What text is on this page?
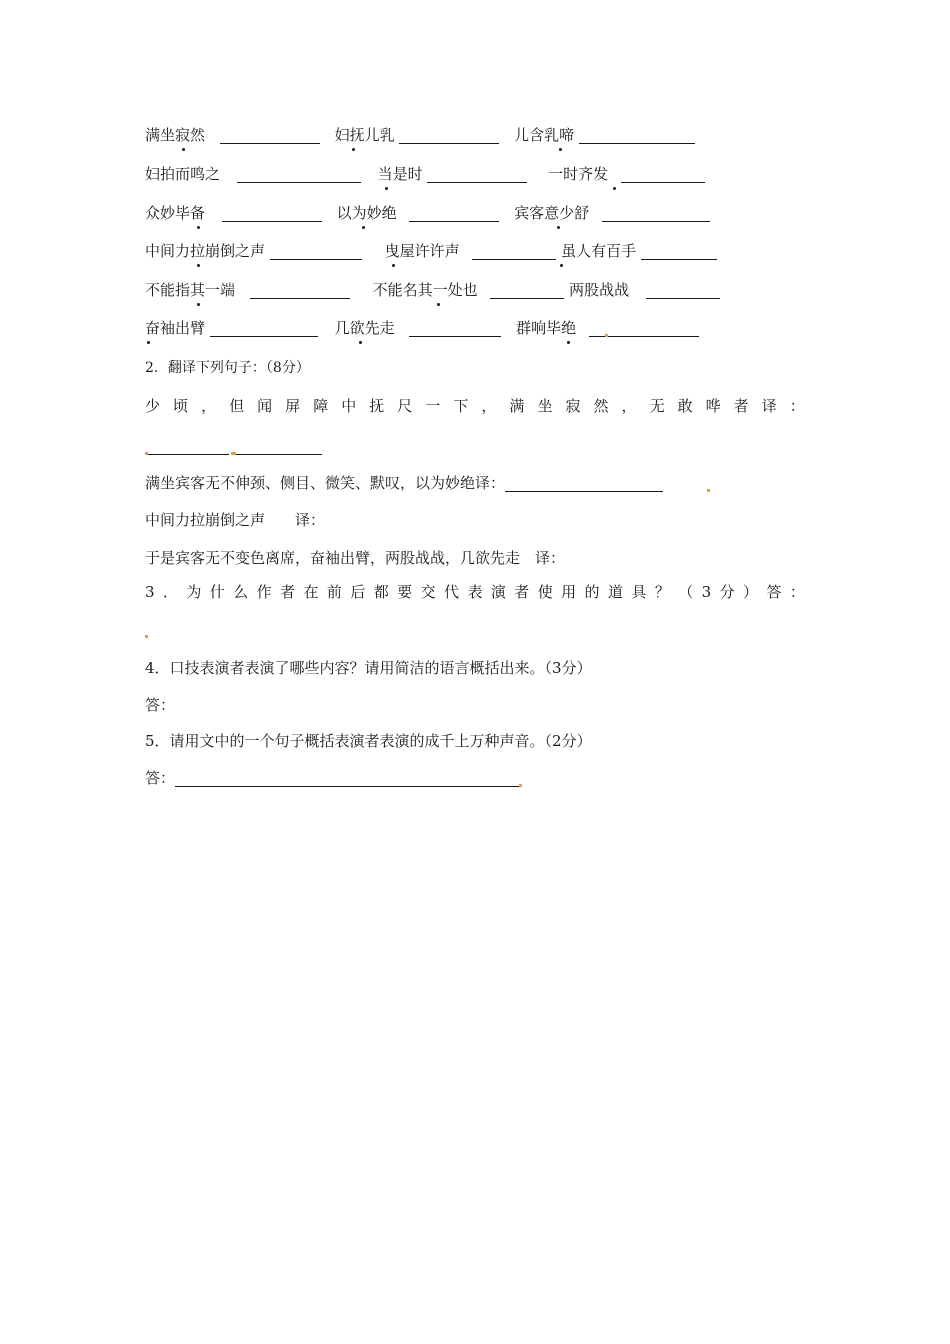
满坐寂然	妇抚儿乳	儿含乳啼
妇拍而鸣之	当是时	一时齐发
众妙毕备	以为妙绝	宾客意少舒
中间力拉崩倒之声	曳屋许许声	虽人有百手
不能指其一端	不能名其一处也	两股战战
奋袖出臂	几欲先走	群响毕绝
2．翻译下列句子：（8分）
少 顷 ， 但 闻 屏 障 中 抚 尺 一 下 ， 满 坐 寂 然 ， 无 敢 哗 者 译 ：

满坐宾客无不伸颈、侧目、微笑、默叹，以为妙绝译：
中间力拉崩倒之声　　译：
于是宾客无不变色离席，奋袖出臂，两股战战，几欲先走　译：
3 ． 为 什 么 作 者 在 前 后 都 要 交 代 表 演 者 使 用 的 道 具 ？ （ 3 分 ） 答 ：
4．口技表演者表演了哪些内容？请用简洁的语言概括出来。（3分）
答：
5．请用文中的一个句子概括表演者表演的成千上万种声音。（2分）
答：
